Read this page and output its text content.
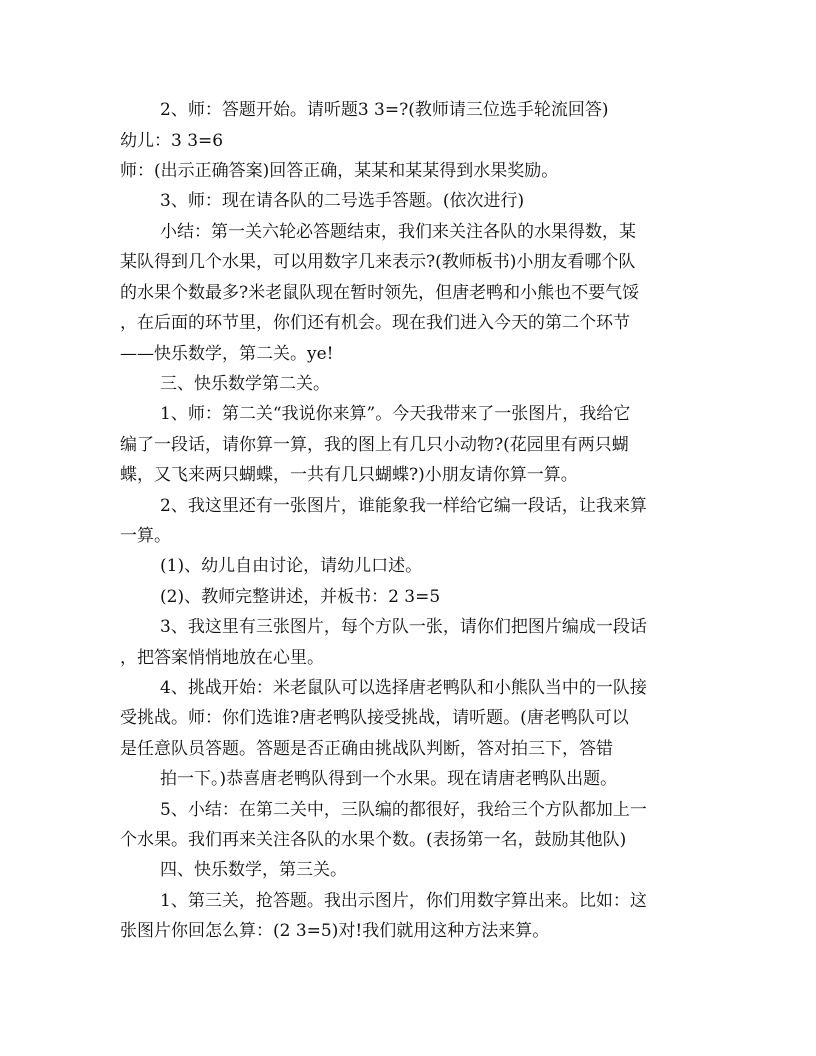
2、师：答题开始。请听题3 3=?(教师请三位选手轮流回答)
幼儿：3 3=6
师：(出示正确答案)回答正确，某某和某某得到水果奖励。
3、师：现在请各队的二号选手答题。(依次进行)
小结：第一关六轮必答题结束，我们来关注各队的水果得数，某
某队得到几个水果，可以用数字几来表示?(教师板书)小朋友看哪个队
的水果个数最多?米老鼠队现在暂时领先，但唐老鸭和小熊也不要气馁
，在后面的环节里，你们还有机会。现在我们进入今天的第二个环节
——快乐数学，第二关。ye!
三、快乐数学第二关。
1、师：第二关“我说你来算”。今天我带来了一张图片，我给它
编了一段话，请你算一算，我的图上有几只小动物?(花园里有两只蝴
蝶，又飞来两只蝴蝶，一共有几只蝴蝶?)小朋友请你算一算。
2、我这里还有一张图片，谁能象我一样给它编一段话，让我来算
一算。
(1)、幼儿自由讨论，请幼儿口述。
(2)、教师完整讲述，并板书：2 3=5
3、我这里有三张图片，每个方队一张，请你们把图片编成一段话
，把答案悄悄地放在心里。
4、挑战开始：米老鼠队可以选择唐老鸭队和小熊队当中的一队接
受挑战。师：你们选谁?唐老鸭队接受挑战，请听题。(唐老鸭队可以
是任意队员答题。答题是否正确由挑战队判断，答对拍三下，答错
拍一下。)恭喜唐老鸭队得到一个水果。现在请唐老鸭队出题。
5、小结：在第二关中，三队编的都很好，我给三个方队都加上一
个水果。我们再来关注各队的水果个数。(表扬第一名，鼓励其他队)
四、快乐数学，第三关。
1、第三关，抢答题。我出示图片，你们用数字算出来。比如：这
张图片你回怎么算：(2 3=5)对!我们就用这种方法来算。
